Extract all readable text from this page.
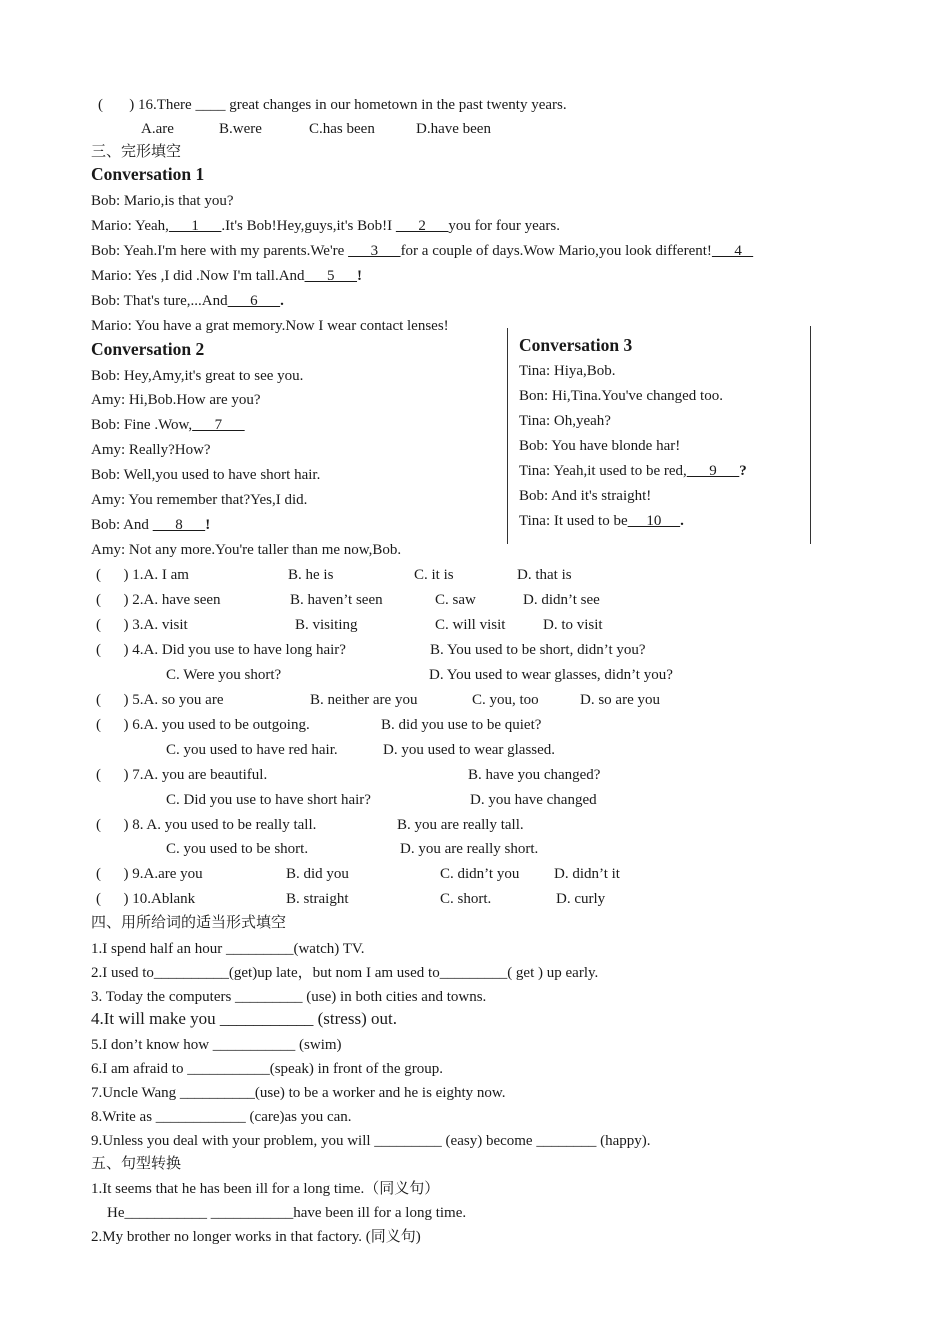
(       ) 16.There ____ great changes in our hometown in the past twenty years.
A.are	B.were	C.has been	D.have been
三、完形填空
Conversation 1
Bob: Mario,is that you?
Mario: Yeah,      1      .It's Bob!Hey,guys,it's Bob!I       2      you for four years.
Bob: Yeah.I'm here with my parents.We're       3      for a couple of days.Wow Mario,you look different!      4
Mario: Yes ,I did .Now I'm tall.And      5      !
Bob: That's ture,...And      6      .
Mario: You have a grat memory.Now I wear contact lenses!
Conversation 2
Bob: Hey,Amy,it's great to see you.
Amy: Hi,Bob.How are you?
Bob: Fine .Wow,      7
Amy: Really?How?
Bob: Well,you used to have short hair.
Amy: You remember that?Yes,I did.
Bob: And       8      !
Amy: Not any more.You're taller than me now,Bob.
Conversation 3
Tina: Hiya,Bob.
Bon: Hi,Tina.You've changed too.
Tina: Oh,yeah?
Bob: You have blonde har!
Tina: Yeah,it used to be red,      9      ?
Bob: And it's straight!
Tina: It used to be     10     .
(      ) 1.A. I am	B. he is	C. it is	D. that is
(      ) 2.A. have seen	B. haven’t seen	C. saw	D. didn’t see
(      ) 3.A. visit	B. visiting	C. will visit	D. to visit
(      ) 4.A. Did you use to have long hair?	B. You used to be short, didn’t you?
C. Were you short?	D. You used to wear glasses, didn’t you?
(      ) 5.A. so you are	B. neither are you	C. you, too	D. so are you
(      ) 6.A. you used to be outgoing.	B. did you use to be quiet?
C. you used to have red hair.	D. you used to wear glassed.
(      ) 7.A. you are beautiful.	B. have you changed?
C. Did you use to have short hair?	D. you have changed
(      ) 8. A. you used to be really tall.	B. you are really tall.
C. you used to be short.	D. you are really short.
(      ) 9.A.are you	B. did you	C. didn’t you D. didn’t it
(      ) 10.Ablank	B. straight	C. short.	D. curly
四、用所给词的适当形式填空
1.I spend half an hour _________(watch) TV.
2.I used to__________(get)up late，but nom I am used to_________( get ) up early.
3. Today the computers _________ (use) in both cities and towns.
4.It will make you ___________ (stress) out.
5.I don’t know how ___________ (swim)
6.I am afraid to ___________(speak) in front of the group.
7.Uncle Wang __________(use) to be a worker and he is eighty now.
8.Write as ____________ (care)as you can.
9.Unless you deal with your problem, you will _________ (easy) become ________ (happy).
五、句型转换
1.It seems that he has been ill for a long time.（同义句）
He___________ ___________have been ill for a long time.
2.My brother no longer works in that factory. (同义句)
